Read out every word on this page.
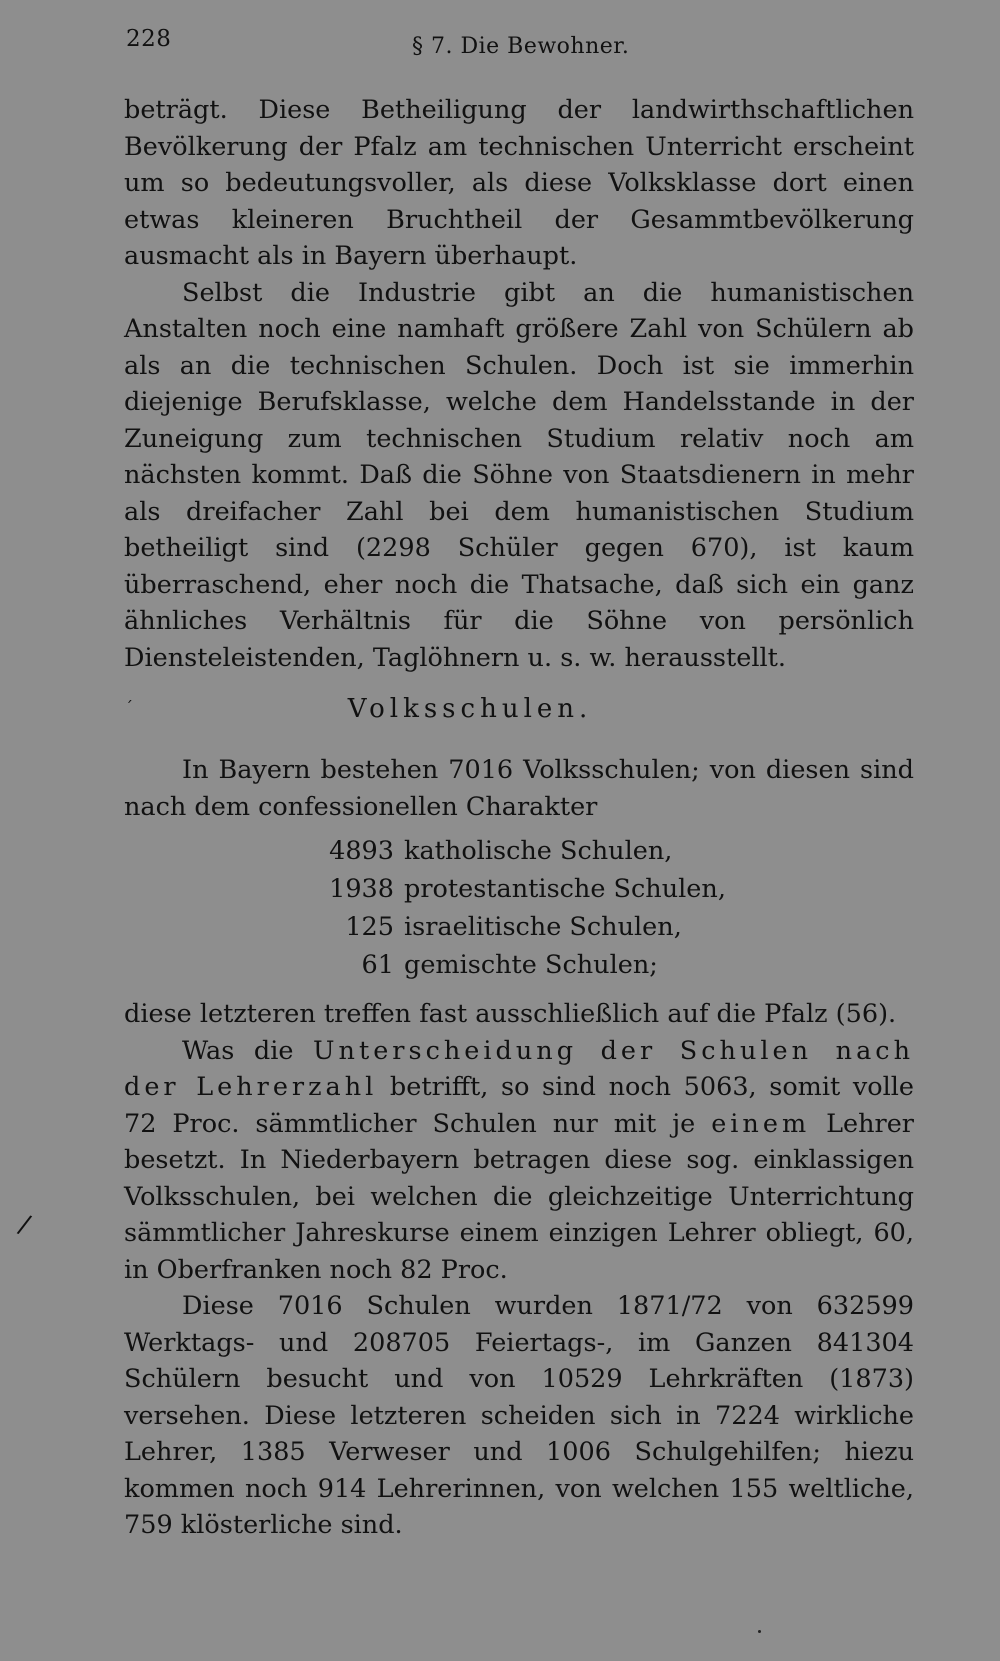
228	§ 7. Die Bewohner.

beträgt. Diese Betheiligung der landwirthschaftlichen Bevölkerung der Pfalz am technischen Unterricht erscheint um so bedeutungsvoller, als diese Volksklasse dort einen etwas kleineren Bruchtheil der Gesammtbevölkerung ausmacht als in Bayern überhaupt.

Selbst die Industrie gibt an die humanistischen Anstalten noch eine namhaft größere Zahl von Schülern ab als an die technischen Schulen. Doch ist sie immerhin diejenige Berufsklasse, welche dem Handelsstande in der Zuneigung zum technischen Studium relativ noch am nächsten kommt. Daß die Söhne von Staatsdienern in mehr als dreifacher Zahl bei dem humanistischen Studium betheiligt sind (2298 Schüler gegen 670), ist kaum überraschend, eher noch die Thatsache, daß sich ein ganz ähnliches Verhältnis für die Söhne von persönlich Diensteleistenden, Taglöhnern u. s. w. herausstellt.

Volksschulen.

In Bayern bestehen 7016 Volksschulen; von diesen sind nach dem confessionellen Charakter

4893 katholische Schulen,
1938 protestantische Schulen,
125 israelitische Schulen,
61 gemischte Schulen;

diese letzteren treffen fast ausschließlich auf die Pfalz (56).

Was die Unterscheidung der Schulen nach der Lehrerzahl betrifft, so sind noch 5063, somit volle 72 Proc. sämmtlicher Schulen nur mit je einem Lehrer besetzt. In Niederbayern betragen diese sog. einklassigen Volksschulen, bei welchen die gleichzeitige Unterrichtung sämmtlicher Jahreskurse einem einzigen Lehrer obliegt, 60, in Oberfranken noch 82 Proc.

Diese 7016 Schulen wurden 1871/72 von 632599 Werktags- und 208705 Feiertags-, im Ganzen 841304 Schülern besucht und von 10529 Lehrkräften (1873) versehen. Diese letzteren scheiden sich in 7224 wirkliche Lehrer, 1385 Verweser und 1006 Schulgehilfen; hiezu kommen noch 914 Lehrerinnen, von welchen 155 weltliche, 759 klösterliche sind.

ˊ
/
